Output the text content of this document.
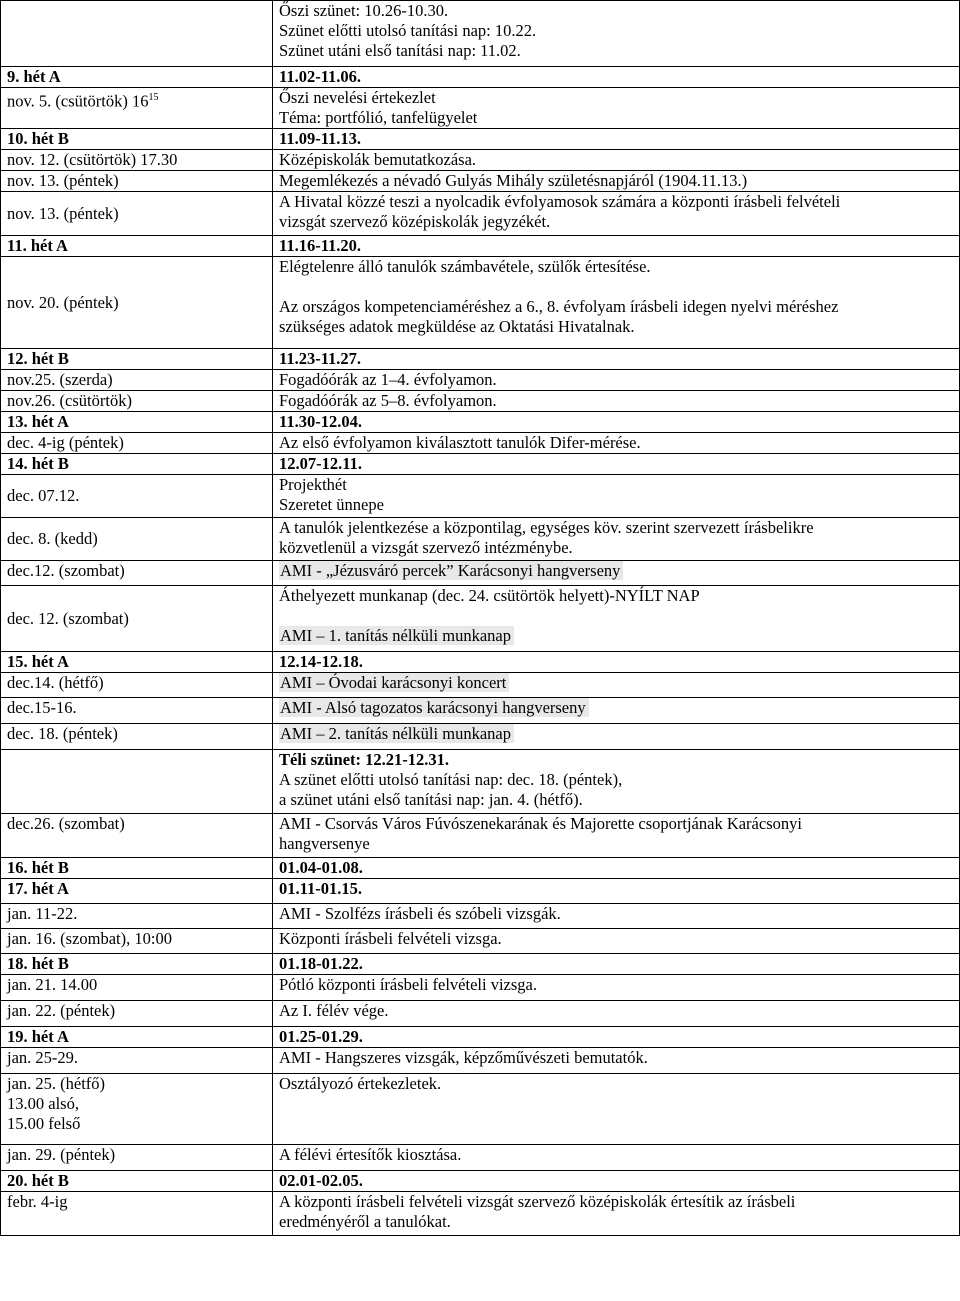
	Őszi szünet: 10.26-10.30.
Szünet előtti utolsó tanítási nap: 10.22.
Szünet utáni első tanítási nap: 11.02.

9. hét A	11.02-11.06.

nov. 5. (csütörtök) $16^{15}$	Őszi nevelési értekezlet
Téma: portfólió, tanfelügyelet

10. hét B	11.09-11.13.

nov. 12. (csütörtök) 17.30	Középiskolák bemutatkozása.

nov. 13. (péntek)	Megemlékezés a névadó Gulyás Mihály születésnapjáról (1904.11.13.)

nov. 13. (péntek)	A Hivatal közzé teszi a nyolcadik évfolyamosok számára a központi írásbeli felvételi
vizsgát szervező középiskolák jegyzékét.

11. hét A	11.16-11.20.

nov. 20. (péntek)	Elégtelenre álló tanulók számbavétele, szülők értesítése.

Az országos kompetenciaméréshez a 6., 8. évfolyam írásbeli idegen nyelvi méréshez
szükséges adatok megküldése az Oktatási Hivatalnak.

12. hét B	11.23-11.27.

nov.25. (szerda)	Fogadóórák az 1–4. évfolyamon.

nov.26. (csütörtök)	Fogadóórák az 5–8. évfolyamon.

13. hét A	11.30-12.04.

dec. 4-ig (péntek)	Az első évfolyamon kiválasztott tanulók Difer-mérése.

14. hét B	12.07-12.11.

dec. 07.12.	Projekthét
Szeretet ünnepe

dec. 8. (kedd)	A tanulók jelentkezése a központilag, egységes köv. szerint szervezett írásbelikre
közvetlenül a vizsgát szervező intézménybe.

dec.12. (szombat)	AMI - „Jézusváró percek” Karácsonyi hangverseny

dec. 12. (szombat)	Áthelyezett munkanap (dec. 24. csütörtök helyett)-NYÍLT NAP

AMI – 1. tanítás nélküli munkanap

15. hét A	12.14-12.18.

dec.14. (hétfő)	AMI – Óvodai karácsonyi koncert

dec.15-16.	AMI - Alsó tagozatos karácsonyi hangverseny

dec. 18. (péntek)	AMI – 2. tanítás nélküli munkanap

	Téli szünet: 12.21-12.31.
A szünet előtti utolsó tanítási nap: dec. 18. (péntek),
a szünet utáni első tanítási nap: jan. 4. (hétfő).

dec.26. (szombat)	AMI - Csorvás Város Fúvószenekarának és Majorette csoportjának Karácsonyi
hangversenye

16. hét B	01.04-01.08.

17. hét A	01.11-01.15.

jan. 11-22.	AMI - Szolfézs írásbeli és szóbeli vizsgák.

jan. 16. (szombat), 10:00	Központi írásbeli felvételi vizsga.

18. hét B	01.18-01.22.

jan. 21. 14.00	Pótló központi írásbeli felvételi vizsga.

jan. 22. (péntek)	Az I. félév vége.

19. hét A	01.25-01.29.

jan. 25-29.	AMI - Hangszeres vizsgák, képzőművészeti bemutatók.

jan. 25. (hétfő)
13.00 alsó,
15.00 felső	Osztályozó értekezletek.

jan. 29. (péntek)	A félévi értesítők kiosztása.

20. hét B	02.01-02.05.

febr. 4-ig	A központi írásbeli felvételi vizsgát szervező középiskolák értesítik az írásbeli
eredményéről a tanulókat.
